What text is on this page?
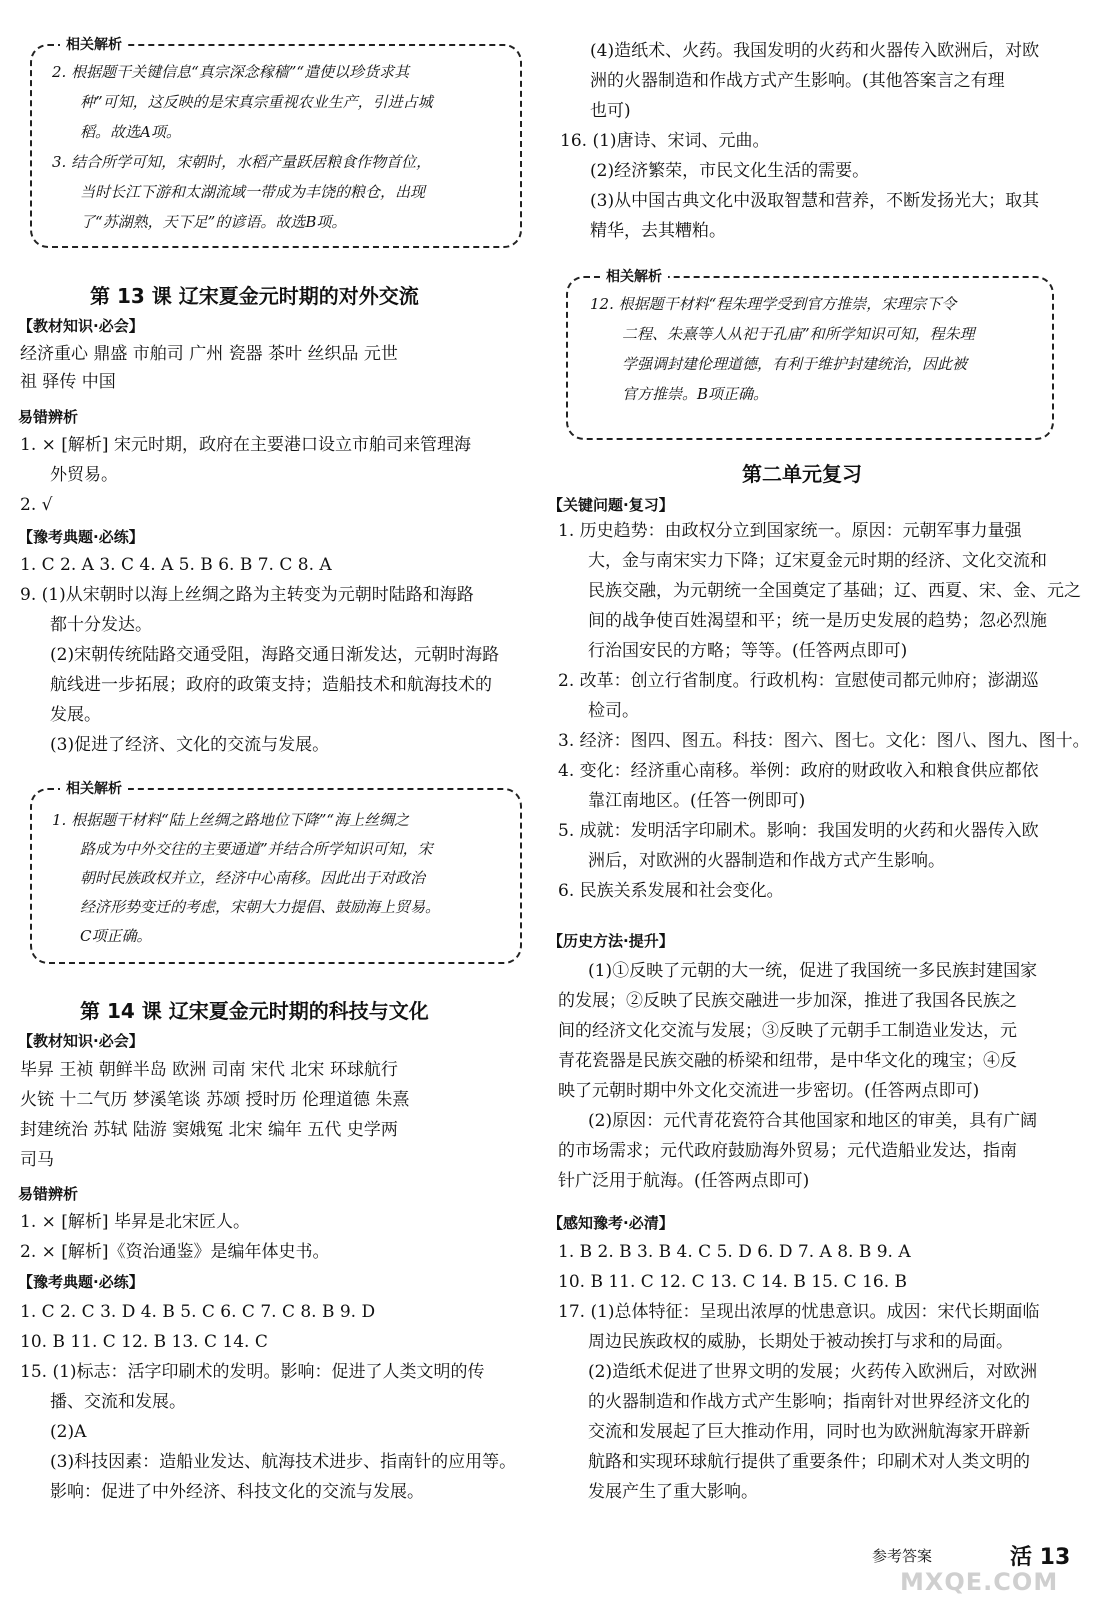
相关解析
2. 根据题干关键信息“真宗深念稼穑”“遣使以珍货求其
种”可知，这反映的是宋真宗重视农业生产，引进占城
稻。故选A项。
3. 结合所学可知，宋朝时，水稻产量跃居粮食作物首位，
当时长江下游和太湖流域一带成为丰饶的粮仓，出现
了“苏湖熟，天下足”的谚语。故选B项。
第 13 课 辽宋夏金元时期的对外交流
【教材知识·必会】
经济重心 鼎盛 市舶司 广州 瓷器 茶叶 丝织品 元世
祖 驿传 中国
易错辨析
1. × [解析] 宋元时期，政府在主要港口设立市舶司来管理海
外贸易。
2. √
【豫考典题·必练】
1. C 2. A 3. C 4. A 5. B 6. B 7. C 8. A
9. (1)从宋朝时以海上丝绸之路为主转变为元朝时陆路和海路
都十分发达。
(2)宋朝传统陆路交通受阻，海路交通日渐发达，元朝时海路
航线进一步拓展；政府的政策支持；造船技术和航海技术的
发展。
(3)促进了经济、文化的交流与发展。
相关解析
1. 根据题干材料“陆上丝绸之路地位下降”“海上丝绸之
路成为中外交往的主要通道”并结合所学知识可知，宋
朝时民族政权并立，经济中心南移。因此出于对政治
经济形势变迁的考虑，宋朝大力提倡、鼓励海上贸易。
C项正确。
第 14 课 辽宋夏金元时期的科技与文化
【教材知识·必会】
毕昇 王祯 朝鲜半岛 欧洲 司南 宋代 北宋 环球航行
火铳 十二气历 梦溪笔谈 苏颂 授时历 伦理道德 朱熹
封建统治 苏轼 陆游 窦娥冤 北宋 编年 五代 史学两
司马
易错辨析
1. × [解析] 毕昇是北宋匠人。
2. × [解析]《资治通鉴》是编年体史书。
【豫考典题·必练】
1. C 2. C 3. D 4. B 5. C 6. C 7. C 8. B 9. D
10. B 11. C 12. B 13. C 14. C
15. (1)标志：活字印刷术的发明。影响：促进了人类文明的传
播、交流和发展。
(2)A
(3)科技因素：造船业发达、航海技术进步、指南针的应用等。
影响：促进了中外经济、科技文化的交流与发展。
(4)造纸术、火药。我国发明的火药和火器传入欧洲后，对欧
洲的火器制造和作战方式产生影响。(其他答案言之有理
也可)
16. (1)唐诗、宋词、元曲。
(2)经济繁荣，市民文化生活的需要。
(3)从中国古典文化中汲取智慧和营养，不断发扬光大；取其
精华，去其糟粕。
相关解析
12. 根据题干材料“程朱理学受到官方推崇，宋理宗下令
二程、朱熹等人从祀于孔庙”和所学知识可知，程朱理
学强调封建伦理道德，有利于维护封建统治，因此被
官方推崇。B项正确。
第二单元复习
【关键问题·复习】
1. 历史趋势：由政权分立到国家统一。原因：元朝军事力量强
大，金与南宋实力下降；辽宋夏金元时期的经济、文化交流和
民族交融，为元朝统一全国奠定了基础；辽、西夏、宋、金、元之
间的战争使百姓渴望和平；统一是历史发展的趋势；忽必烈施
行治国安民的方略；等等。(任答两点即可)
2. 改革：创立行省制度。行政机构：宣慰使司都元帅府；澎湖巡
检司。
3. 经济：图四、图五。科技：图六、图七。文化：图八、图九、图十。
4. 变化：经济重心南移。举例：政府的财政收入和粮食供应都依
靠江南地区。(任答一例即可)
5. 成就：发明活字印刷术。影响：我国发明的火药和火器传入欧
洲后，对欧洲的火器制造和作战方式产生影响。
6. 民族关系发展和社会变化。
【历史方法·提升】
(1)①反映了元朝的大一统，促进了我国统一多民族封建国家
的发展；②反映了民族交融进一步加深，推进了我国各民族之
间的经济文化交流与发展；③反映了元朝手工制造业发达，元
青花瓷器是民族交融的桥梁和纽带，是中华文化的瑰宝；④反
映了元朝时期中外文化交流进一步密切。(任答两点即可)
(2)原因：元代青花瓷符合其他国家和地区的审美，具有广阔
的市场需求；元代政府鼓励海外贸易；元代造船业发达，指南
针广泛用于航海。(任答两点即可)
【感知豫考·必清】
1. B 2. B 3. B 4. C 5. D 6. D 7. A 8. B 9. A
10. B 11. C 12. C 13. C 14. B 15. C 16. B
17. (1)总体特征：呈现出浓厚的忧患意识。成因：宋代长期面临
周边民族政权的威胁，长期处于被动挨打与求和的局面。
(2)造纸术促进了世界文明的发展；火药传入欧洲后，对欧洲
的火器制造和作战方式产生影响；指南针对世界经济文化的
交流和发展起了巨大推动作用，同时也为欧洲航海家开辟新
航路和实现环球航行提供了重要条件；印刷术对人类文明的
发展产生了重大影响。
参考答案	活 13
MXQE.COM
